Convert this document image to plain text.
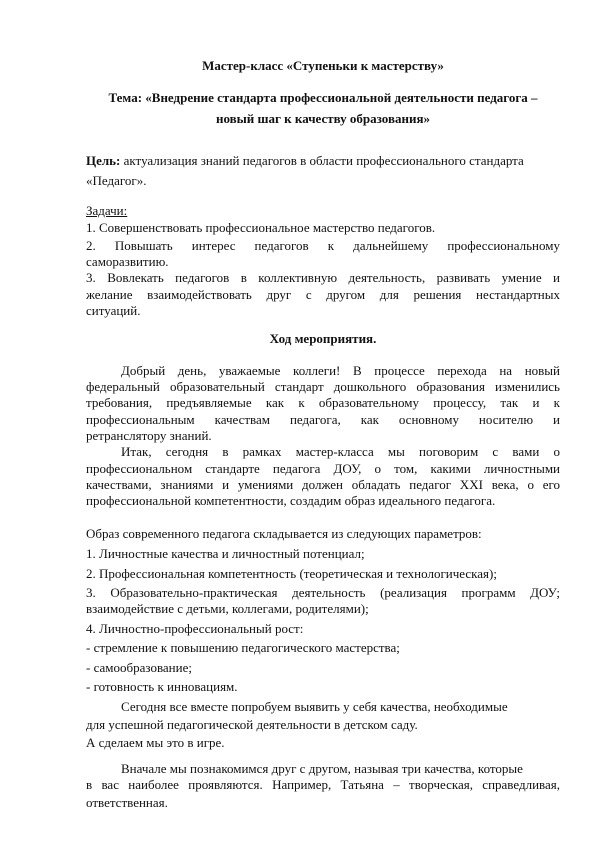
Мастер-класс «Ступеньки к мастерству»
Тема: «Внедрение стандарта профессиональной деятельности педагога –
новый шаг к качеству образования»
Цель: актуализация знаний педагогов в области профессионального стандарта
«Педагог».
Задачи:
1. Совершенствовать профессиональное мастерство педагогов.
2. Повышать интерес педагогов к дальнейшему профессиональному
саморазвитию.
3. Вовлекать педагогов в коллективную деятельность, развивать умение и
желание взаимодействовать друг с другом для решения нестандартных
ситуаций.
Ход мероприятия.
Добрый день, уважаемые коллеги! В процессе перехода на новый
федеральный образовательный стандарт дошкольного образования изменились
требования, предъявляемые как к образовательному процессу, так и к
профессиональным качествам педагога, как основному носителю и
ретранслятору знаний.
Итак, сегодня в рамках мастер-класса мы поговорим с вами о
профессиональном стандарте педагога ДОУ, о том, какими личностными
качествами, знаниями и умениями должен обладать педагог XXI века, о его
профессиональной компетентности, создадим образ идеального педагога.
Образ современного педагога складывается из следующих параметров:
1. Личностные качества и личностный потенциал;
2. Профессиональная компетентность (теоретическая и технологическая);
3. Образовательно-практическая деятельность (реализация программ ДОУ;
взаимодействие с детьми, коллегами, родителями);
4. Личностно-профессиональный рост:
- стремление к повышению педагогического мастерства;
- самообразование;
- готовность к инновациям.
Сегодня все вместе попробуем выявить у себя качества, необходимые
для успешной педагогической деятельности в детском саду.
А сделаем мы это в игре.
Вначале мы познакомимся друг с другом, называя три качества, которые
в вас наиболее проявляются. Например, Татьяна – творческая, справедливая,
ответственная.
